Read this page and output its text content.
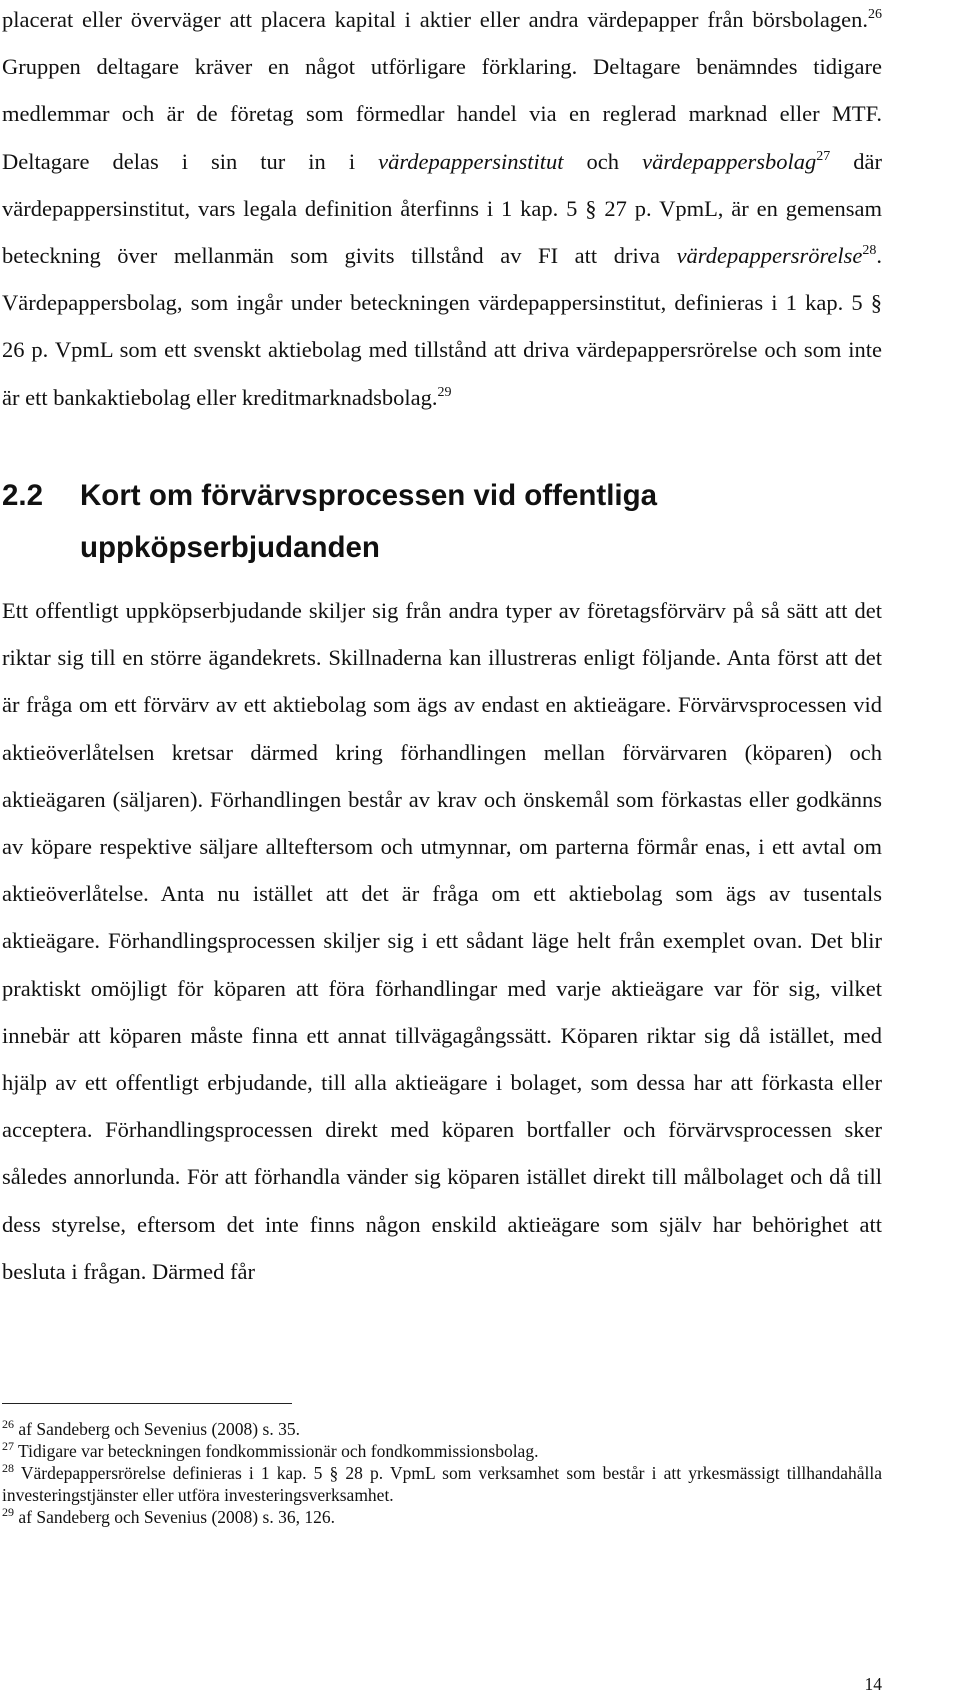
placerat eller överväger att placera kapital i aktier eller andra värdepapper från börsbolagen.$^{26}$ Gruppen deltagare kräver en något utförligare förklaring. Deltagare benämndes tidigare medlemmar och är de företag som förmedlar handel via en reglerad marknad eller MTF. Deltagare delas i sin tur in i värdepappersinstitut och värdepappersbolag$^{27}$ där värdepappersinstitut, vars legala definition återfinns i 1 kap. 5 § 27 p. VpmL, är en gemensam beteckning över mellanmän som givits tillstånd av FI att driva värdepappersrörelse$^{28}$. Värdepappersbolag, som ingår under beteckningen värdepappersinstitut, definieras i 1 kap. 5 § 26 p. VpmL som ett svenskt aktiebolag med tillstånd att driva värdepappersrörelse och som inte är ett bankaktiebolag eller kreditmarknadsbolag.$^{29}$

2.2 Kort om förvärvsprocessen vid offentliga uppköpserbjudanden

Ett offentligt uppköpserbjudande skiljer sig från andra typer av företagsförvärv på så sätt att det riktar sig till en större ägandekrets. Skillnaderna kan illustreras enligt följande. Anta först att det är fråga om ett förvärv av ett aktiebolag som ägs av endast en aktieägare. Förvärvsprocessen vid aktieöverlåtelsen kretsar därmed kring förhandlingen mellan förvärvaren (köparen) och aktieägaren (säljaren). Förhandlingen består av krav och önskemål som förkastas eller godkänns av köpare respektive säljare allteftersom och utmynnar, om parterna förmår enas, i ett avtal om aktieöverlåtelse. Anta nu istället att det är fråga om ett aktiebolag som ägs av tusentals aktieägare. Förhandlingsprocessen skiljer sig i ett sådant läge helt från exemplet ovan. Det blir praktiskt omöjligt för köparen att föra förhandlingar med varje aktieägare var för sig, vilket innebär att köparen måste finna ett annat tillvägagångssätt. Köparen riktar sig då istället, med hjälp av ett offentligt erbjudande, till alla aktieägare i bolaget, som dessa har att förkasta eller acceptera. Förhandlingsprocessen direkt med köparen bortfaller och förvärvsprocessen sker således annorlunda. För att förhandla vänder sig köparen istället direkt till målbolaget och då till dess styrelse, eftersom det inte finns någon enskild aktieägare som själv har behörighet att besluta i frågan. Därmed får

$^{26}$ af Sandeberg och Sevenius (2008) s. 35.

$^{27}$ Tidigare var beteckningen fondkommissionär och fondkommissionsbolag.

$^{28}$ Värdepappersrörelse definieras i 1 kap. 5 § 28 p. VpmL som verksamhet som består i att yrkesmässigt tillhandahålla investeringstjänster eller utföra investeringsverksamhet.

$^{29}$ af Sandeberg och Sevenius (2008) s. 36, 126.

14
